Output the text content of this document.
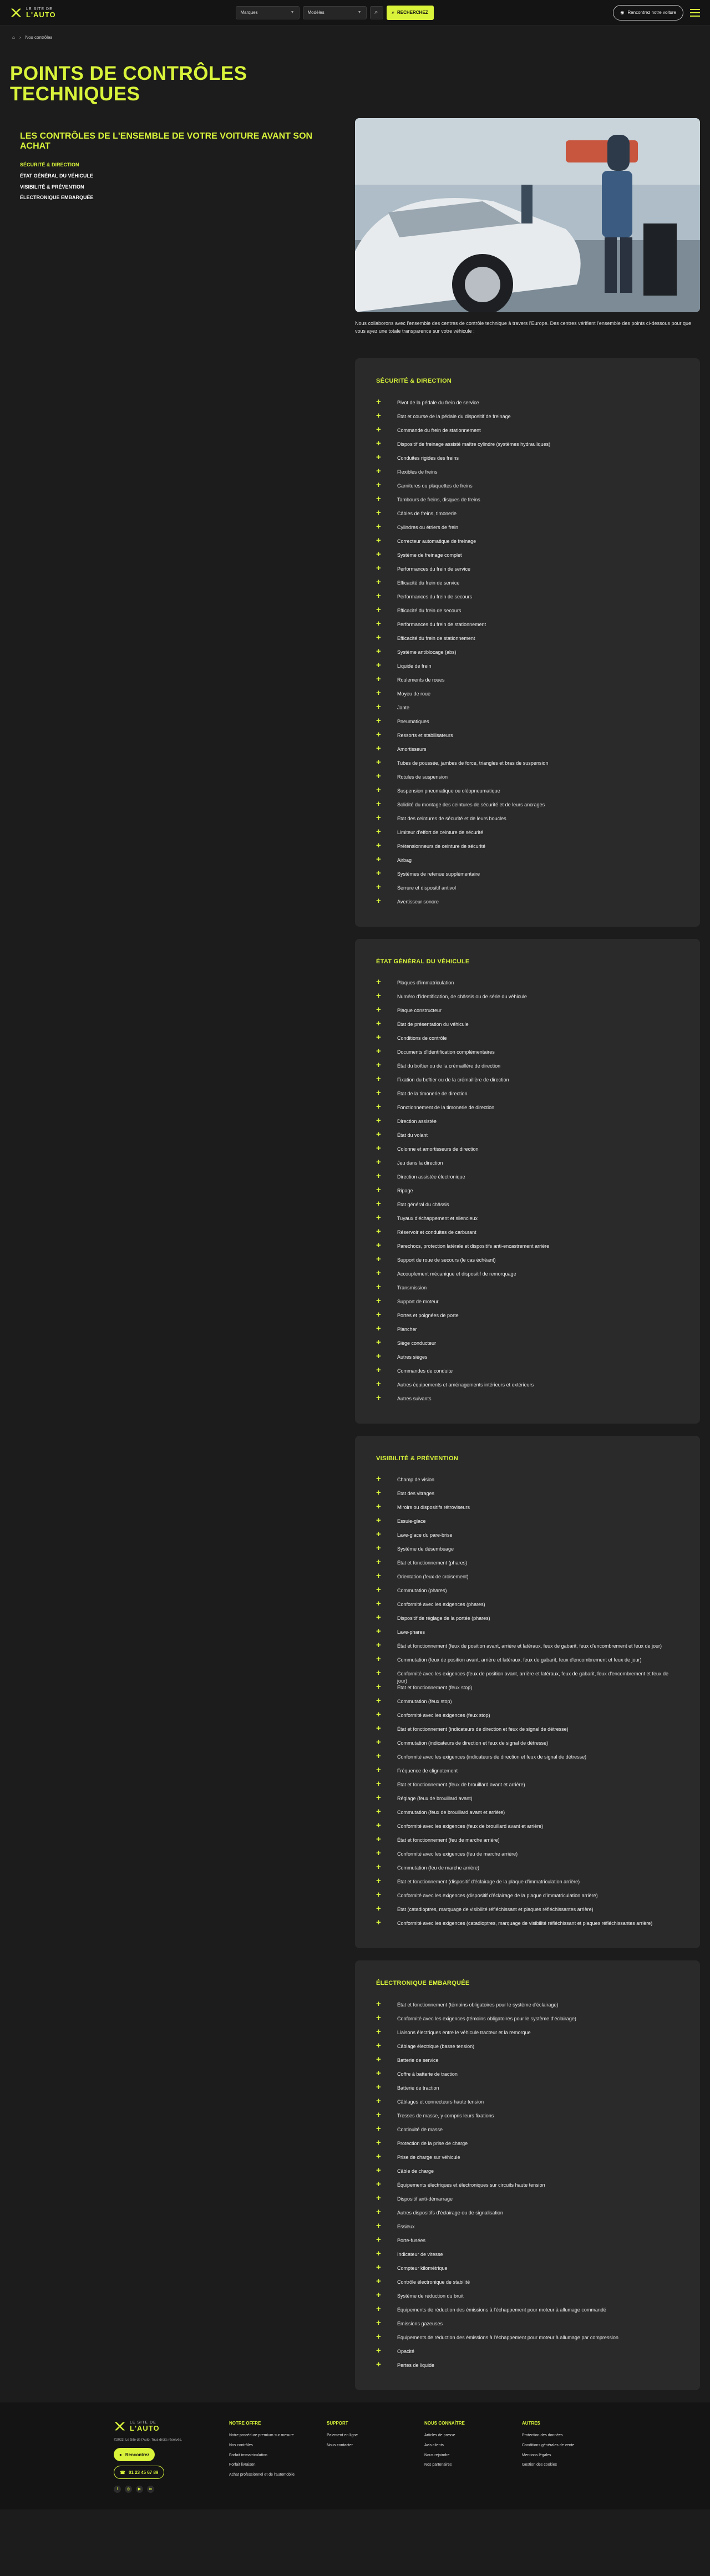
LE SITE DE
L'AUTO	Marques	▼	Modèles	▼ ⌕	⌕ RECHERCHEZ	◉ Rencontrez notre voiture
⌂ › Nos contrôles
POINTS DE CONTRÔLES
TECHNIQUES
LES CONTRÔLES DE L'ENSEMBLE DE VOTRE VOITURE AVANT SON ACHAT
SÉCURITÉ & DIRECTION
ÉTAT GÉNÉRAL DU VÉHICULE
VISIBILITÉ & PRÉVENTION
ÉLECTRONIQUE EMBARQUÉE

Nous collaborons avec l'ensemble des centres de contrôle technique à travers l'Europe. Des centres vérifient l'ensemble des points ci-dessous pour que vous ayez une totale transparence sur votre véhicule :

SÉCURITÉ & DIRECTION
+	Pivot de la pédale du frein de service
+	État et course de la pédale du dispositif de freinage
+	Commande du frein de stationnement
+	Dispositif de freinage assisté maître cylindre (systèmes hydrauliques)
+	Conduites rigides des freins
+	Flexibles de freins
+	Garnitures ou plaquettes de freins
+	Tambours de freins, disques de freins
+	Câbles de freins, timonerie
+	Cylindres ou étriers de frein
+	Correcteur automatique de freinage
+	Système de freinage complet
+	Performances du frein de service
+	Efficacité du frein de service
+	Performances du frein de secours
+	Efficacité du frein de secours
+	Performances du frein de stationnement
+	Efficacité du frein de stationnement
+	Système antiblocage (abs)
+	Liquide de frein
+	Roulements de roues
+	Moyeu de roue
+	Jante
+	Pneumatiques
+	Ressorts et stabilisateurs
+	Amortisseurs
+	Tubes de poussée, jambes de force, triangles et bras de suspension
+	Rotules de suspension
+	Suspension pneumatique ou oléopneumatique
+	Solidité du montage des ceintures de sécurité et de leurs ancrages
+	État des ceintures de sécurité et de leurs boucles
+	Limiteur d'effort de ceinture de sécurité
+	Prétensionneurs de ceinture de sécurité
+	Airbag
+	Systèmes de retenue supplémentaire
+	Serrure et dispositif antivol
+	Avertisseur sonore
ÉTAT GÉNÉRAL DU VÉHICULE
+	Plaques d'immatriculation
+	Numéro d'identification, de châssis ou de série du véhicule
+	Plaque constructeur
+	État de présentation du véhicule
+	Conditions de contrôle
+	Documents d'identification complémentaires
+	État du boîtier ou de la crémaillère de direction
+	Fixation du boîtier ou de la crémaillère de direction
+	État de la timonerie de direction
+	Fonctionnement de la timonerie de direction
+	Direction assistée
+	État du volant
+	Colonne et amortisseurs de direction
+	Jeu dans la direction
+	Direction assistée électronique
+	Ripage
+	État général du châssis
+	Tuyaux d'échappement et silencieux
+	Réservoir et conduites de carburant
+	Parechocs, protection latérale et dispositifs anti-encastrement arrière
+	Support de roue de secours (le cas échéant)
+	Accouplement mécanique et dispositif de remorquage
+	Transmission
+	Support de moteur
+	Portes et poignées de porte
+	Plancher
+	Siège conducteur
+	Autres sièges
+	Commandes de conduite
+	Autres équipements et aménagements intérieurs et extérieurs
+	Autres suivants
VISIBILITÉ & PRÉVENTION
+	Champ de vision
+	État des vitrages
+	Miroirs ou dispositifs rétroviseurs
+	Essuie-glace
+	Lave-glace du pare-brise
+	Système de désembuage
+	État et fonctionnement (phares)
+	Orientation (feux de croisement)
+	Commutation (phares)
+	Conformité avec les exigences (phares)
+	Dispositif de réglage de la portée (phares)
+	Lave-phares
+	État et fonctionnement (feux de position avant, arrière et latéraux, feux de gabarit, feux d'encombrement et feux de jour)
+	Commutation (feux de position avant, arrière et latéraux, feux de gabarit, feux d'encombrement et feux de jour)
+	Conformité avec les exigences (feux de position avant, arrière et latéraux, feux de gabarit, feux d'encombrement et feux de jour)
+	État et fonctionnement (feux stop)
+	Commutation (feux stop)
+	Conformité avec les exigences (feux stop)
+	État et fonctionnement (indicateurs de direction et feux de signal de détresse)
+	Commutation (indicateurs de direction et feux de signal de détresse)
+	Conformité avec les exigences (indicateurs de direction et feux de signal de détresse)
+	Fréquence de clignotement
+	État et fonctionnement (feux de brouillard avant et arrière)
+	Réglage (feux de brouillard avant)
+	Commutation (feux de brouillard avant et arrière)
+	Conformité avec les exigences (feux de brouillard avant et arrière)
+	État et fonctionnement (feu de marche arrière)
+	Conformité avec les exigences (feu de marche arrière)
+	Commutation (feu de marche arrière)
+	État et fonctionnement (dispositif d'éclairage de la plaque d'immatriculation arrière)
+	Conformité avec les exigences (dispositif d'éclairage de la plaque d'immatriculation arrière)
+	État (catadioptres, marquage de visibilité réfléchissant et plaques réfléchissantes arrière)
+	Conformité avec les exigences (catadioptres, marquage de visibilité réfléchissant et plaques réfléchissantes arrière)
ÉLECTRONIQUE EMBARQUÉE
+	État et fonctionnement (témoins obligatoires pour le système d'éclairage)
+	Conformité avec les exigences (témoins obligatoires pour le système d'éclairage)
+	Liaisons électriques entre le véhicule tracteur et la remorque
+	Câblage électrique (basse tension)
+	Batterie de service
+	Coffre à batterie de traction
+	Batterie de traction
+	Câblages et connecteurs haute tension
+	Tresses de masse, y compris leurs fixations
+	Continuité de masse
+	Protection de la prise de charge
+	Prise de charge sur véhicule
+	Câble de charge
+	Équipements électriques et électroniques sur circuits haute tension
+	Dispositif anti-démarrage
+	Autres dispositifs d'éclairage ou de signalisation
+	Essieux
+	Porte-fusées
+	Indicateur de vitesse
+	Compteur kilométrique
+	Contrôle électronique de stabilité
+	Système de réduction du bruit
+	Équipements de réduction des émissions à l'échappement pour moteur à allumage commandé
+	Émissions gazeuses
+	Équipements de réduction des émissions à l'échappement pour moteur à allumage par compression
+	Opacité
+	Pertes de liquide
LE SITE DE
L'AUTO

©2023. Le Site de l'Auto. Tous droits réservés.

● Rencontrez
☎ 01 23 45 67 89
f	◎	▶	in
NOTRE OFFRE
Notre procédure premium sur mesure
Nos contrôles
Forfait immatriculation
Forfait livraison
Achat professionnel et de l'automobile
SUPPORT
Paiement en ligne
Nous contacter
NOUS CONNAÎTRE
Articles de presse
Avis clients
Nous rejoindre
Nos partenaires
AUTRES
Protection des données
Conditions générales de vente
Mentions légales
Gestion des cookies
